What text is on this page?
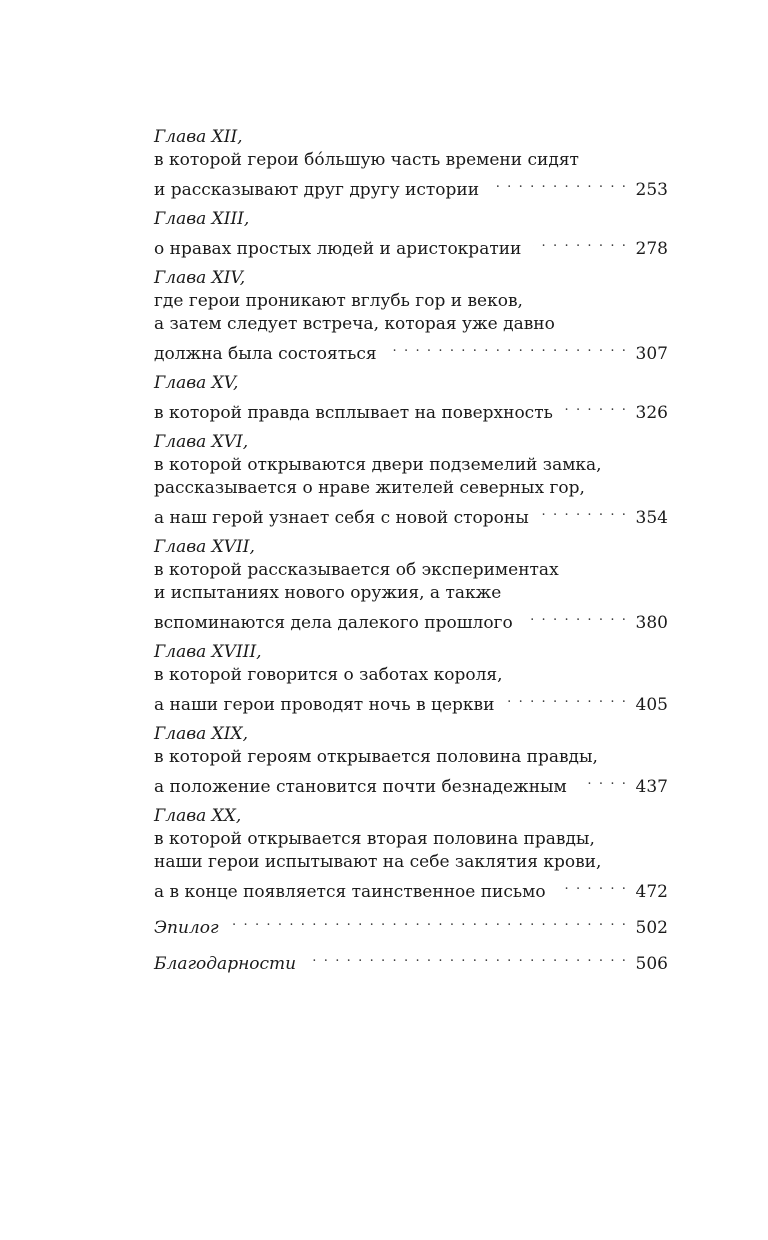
Глава XII,
в которой герои бо́льшую часть времени сидят
и рассказывают друг другу истории . . .	253
Глава XIII,
о нравах простых людей и аристократии . . .	278
Глава XIV,
где герои проникают вглубь гор и веков,
а затем следует встреча, которая уже давно
должна была состояться . . .	307
Глава XV,
в которой правда всплывает на поверхность . . .	326
Глава XVI,
в которой открываются двери подземелий замка,
рассказывается о нраве жителей северных гор,
а наш герой узнает себя с новой стороны . . .	354
Глава XVII,
в которой рассказывается об экспериментах
и испытаниях нового оружия, а также
вспоминаются дела далекого прошлого . . .	380
Глава XVIII,
в которой говорится о заботах короля,
а наши герои проводят ночь в церкви . . .	405
Глава XIX,
в которой героям открывается половина правды,
а положение становится почти безнадежным . . .	437
Глава XX,
в которой открывается вторая половина правды,
наши герои испытывают на себе заклятия крови,
а в конце появляется таинственное письмо . . .	472
Эпилог . . .	502
Благодарности . . .	506
